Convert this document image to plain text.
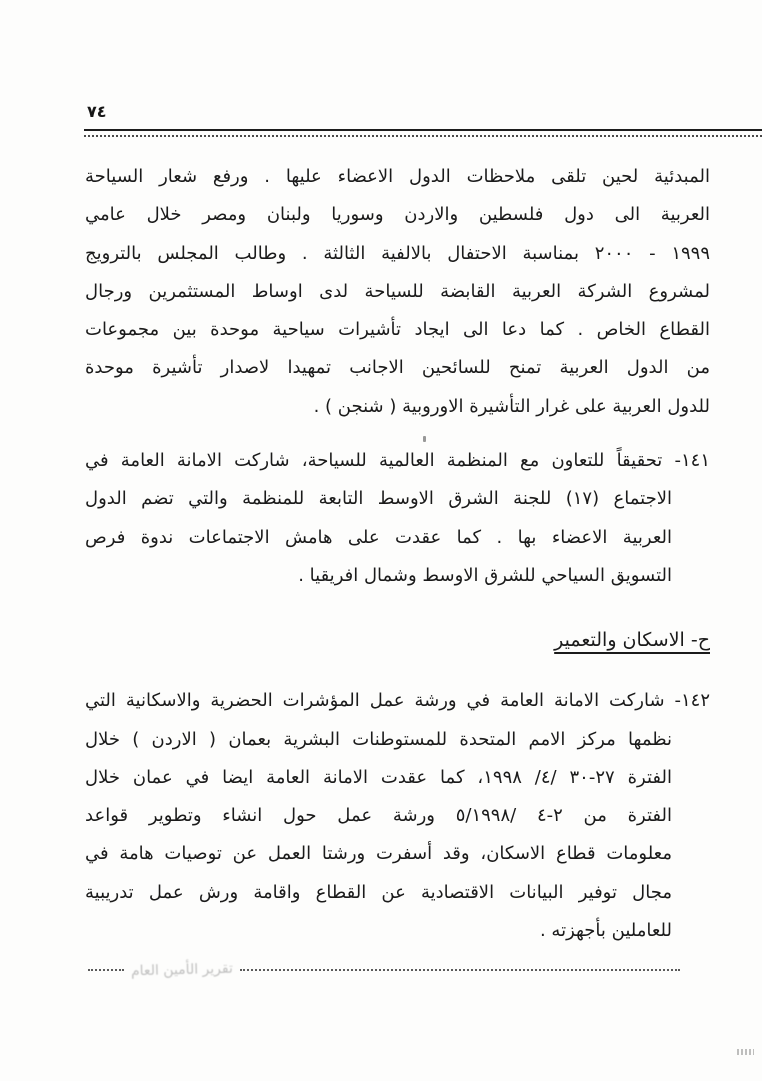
٧٤
المبدئية لحين تلقى ملاحظات الدول الاعضاء عليها . ورفع شعار السياحة
العربية الى دول فلسطين والاردن وسوريا ولبنان ومصر خلال عامي
١٩٩٩ - ٢٠٠٠ بمناسبة الاحتفال بالالفية الثالثة . وطالب المجلس بالترويج
لمشروع الشركة العربية القابضة للسياحة لدى اوساط المستثمرين ورجال
القطاع الخاص . كما دعا الى ايجاد تأشيرات سياحية موحدة بين مجموعات
من الدول العربية تمنح للسائحين الاجانب تمهيدا لاصدار تأشيرة موحدة
للدول العربية على غرار التأشيرة الاوروبية ( شنجن ) .
١٤١- تحقيقاً للتعاون مع المنظمة العالمية للسياحة، شاركت الامانة العامة في
الاجتماع (١٧) للجنة الشرق الاوسط التابعة للمنظمة والتي تضم الدول
العربية الاعضاء بها . كما عقدت على هامش الاجتماعات ندوة فرص
التسويق السياحي للشرق الاوسط وشمال افريقيا .
ح- الاسكان والتعمير
١٤٢- شاركت الامانة العامة في ورشة عمل المؤشرات الحضرية والاسكانية التي
نظمها مركز الامم المتحدة للمستوطنات البشرية بعمان ( الاردن ) خلال
الفترة ٢٧-٣٠ /٤/ ١٩٩٨، كما عقدت الامانة العامة ايضا في عمان خلال
الفترة من ٢-٤ /٥/١٩٩٨ ورشة عمل حول انشاء وتطوير قواعد
معلومات قطاع الاسكان، وقد أسفرت ورشتا العمل عن توصيات هامة في
مجال توفير البيانات الاقتصادية عن القطاع واقامة ورش عمل تدريبية
للعاملين بأجهزته .
تقرير الأمين العام
